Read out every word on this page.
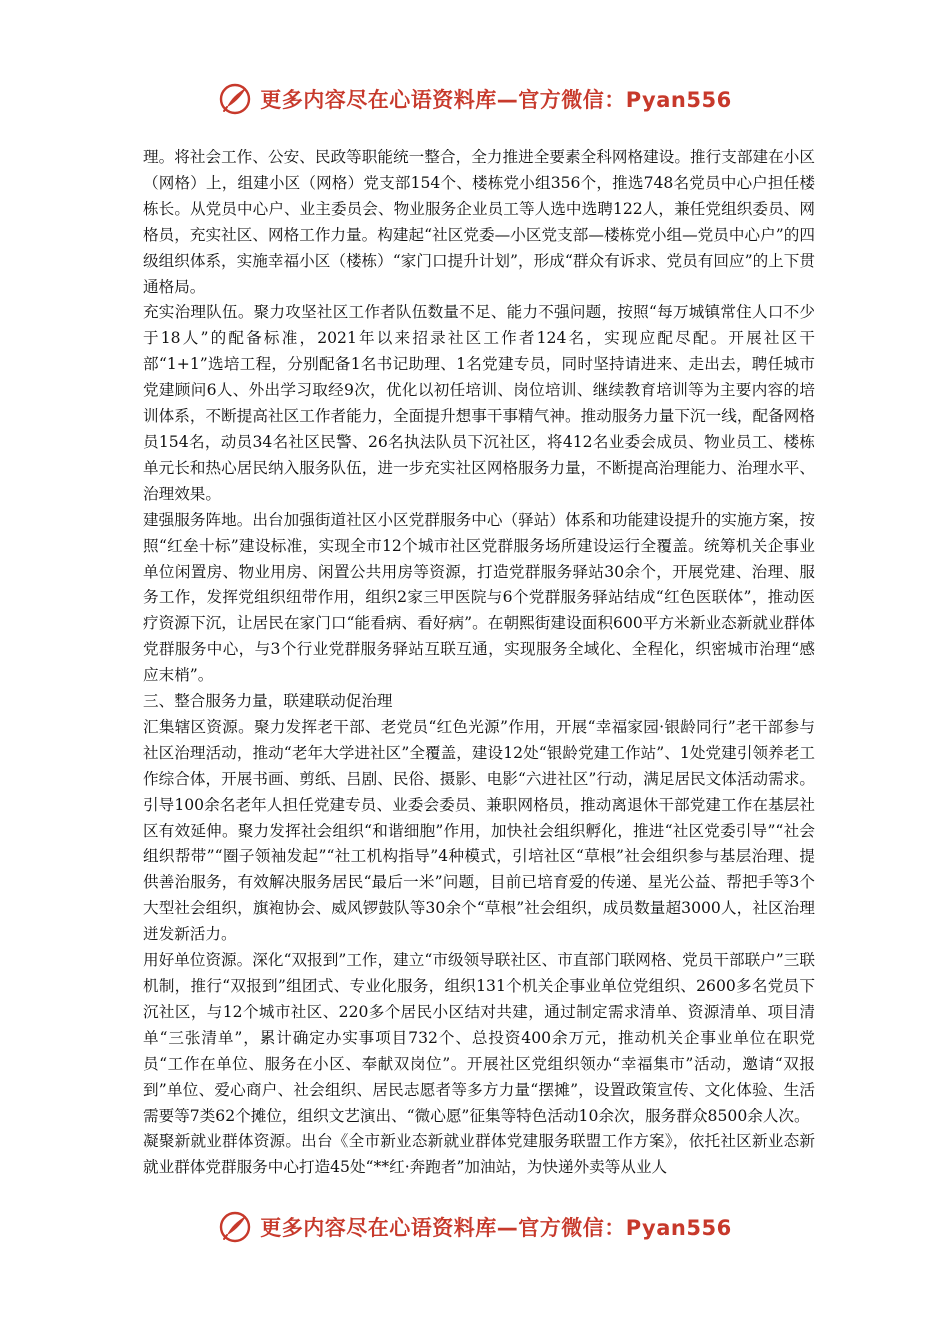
更多内容尽在心语资料库—官方微信：Pyan556

理。将社会工作、公安、民政等职能统一整合，全力推进全要素全科网格建设。推行支部建在小区（网格）上，组建小区（网格）党支部154个、楼栋党小组356个，推选748名党员中心户担任楼栋长。从党员中心户、业主委员会、物业服务企业员工等人选中选聘122人，兼任党组织委员、网格员，充实社区、网格工作力量。构建起“社区党委—小区党支部—楼栋党小组—党员中心户”的四级组织体系，实施幸福小区（楼栋）“家门口提升计划”，形成“群众有诉求、党员有回应”的上下贯通格局。

充实治理队伍。聚力攻坚社区工作者队伍数量不足、能力不强问题，按照“每万城镇常住人口不少于18人”的配备标准，2021年以来招录社区工作者124名，实现应配尽配。开展社区干部“1+1”选培工程，分别配备1名书记助理、1名党建专员，同时坚持请进来、走出去，聘任城市党建顾问6人、外出学习取经9次，优化以初任培训、岗位培训、继续教育培训等为主要内容的培训体系，不断提高社区工作者能力，全面提升想事干事精气神。推动服务力量下沉一线，配备网格员154名，动员34名社区民警、26名执法队员下沉社区，将412名业委会成员、物业员工、楼栋单元长和热心居民纳入服务队伍，进一步充实社区网格服务力量，不断提高治理能力、治理水平、治理效果。

建强服务阵地。出台加强街道社区小区党群服务中心（驿站）体系和功能建设提升的实施方案，按照“红垒十标”建设标准，实现全市12个城市社区党群服务场所建设运行全覆盖。统筹机关企事业单位闲置房、物业用房、闲置公共用房等资源，打造党群服务驿站30余个，开展党建、治理、服务工作，发挥党组织纽带作用，组织2家三甲医院与6个党群服务驿站结成“红色医联体”，推动医疗资源下沉，让居民在家门口“能看病、看好病”。在朝熙街建设面积600平方米新业态新就业群体党群服务中心，与3个行业党群服务驿站互联互通，实现服务全域化、全程化，织密城市治理“感应末梢”。

三、整合服务力量，联建联动促治理

汇集辖区资源。聚力发挥老干部、老党员“红色光源”作用，开展“幸福家园·银龄同行”老干部参与社区治理活动，推动“老年大学进社区”全覆盖，建设12处“银龄党建工作站”、1处党建引领养老工作综合体，开展书画、剪纸、吕剧、民俗、摄影、电影“六进社区”行动，满足居民文体活动需求。引导100余名老年人担任党建专员、业委会委员、兼职网格员，推动离退休干部党建工作在基层社区有效延伸。聚力发挥社会组织“和谐细胞”作用，加快社会组织孵化，推进“社区党委引导”“社会组织帮带”“圈子领袖发起”“社工机构指导”4种模式，引培社区“草根”社会组织参与基层治理、提供善治服务，有效解决服务居民“最后一米”问题，目前已培育爱的传递、星光公益、帮把手等3个大型社会组织，旗袍协会、威风锣鼓队等30余个“草根”社会组织，成员数量超3000人，社区治理迸发新活力。

用好单位资源。深化“双报到”工作，建立“市级领导联社区、市直部门联网格、党员干部联户”三联机制，推行“双报到”组团式、专业化服务，组织131个机关企事业单位党组织、2600多名党员下沉社区，与12个城市社区、220多个居民小区结对共建，通过制定需求清单、资源清单、项目清单“三张清单”，累计确定办实事项目732个、总投资400余万元，推动机关企事业单位在职党员“工作在单位、服务在小区、奉献双岗位”。开展社区党组织领办“幸福集市”活动，邀请“双报到”单位、爱心商户、社会组织、居民志愿者等多方力量“摆摊”，设置政策宣传、文化体验、生活需要等7类62个摊位，组织文艺演出、“微心愿”征集等特色活动10余次，服务群众8500余人次。

凝聚新就业群体资源。出台《全市新业态新就业群体党建服务联盟工作方案》，依托社区新业态新就业群体党群服务中心打造45处“**红·奔跑者”加油站，为快递外卖等从业人

更多内容尽在心语资料库—官方微信：Pyan556
